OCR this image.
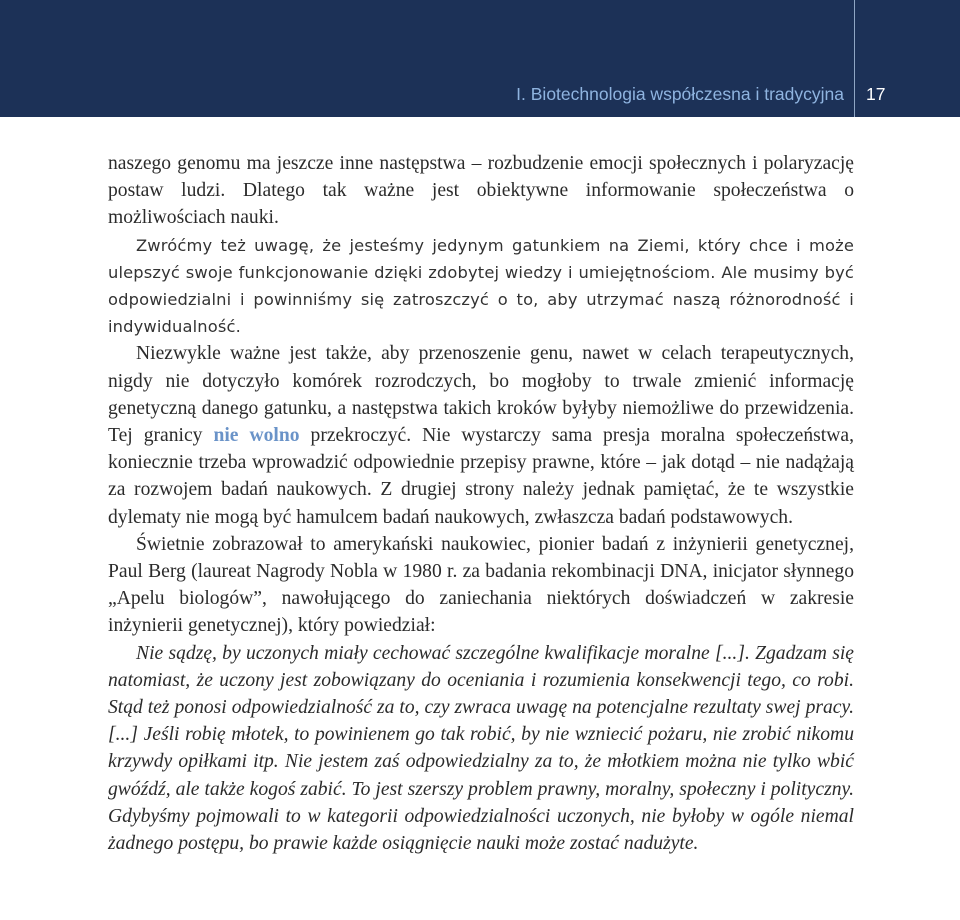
I. Biotechnologia współczesna i tradycyjna 17

naszego genomu ma jeszcze inne następstwa – rozbudzenie emocji społecznych i polaryzację postaw ludzi. Dlatego tak ważne jest obiektywne informowanie społeczeństwa o możliwościach nauki.

Zwróćmy też uwagę, że jesteśmy jedynym gatunkiem na Ziemi, który chce i może ulepszyć swoje funkcjonowanie dzięki zdobytej wiedzy i umiejętnościom. Ale musimy być odpowiedzialni i powinniśmy się zatroszczyć o to, aby utrzymać naszą różnorodność i indywidualność.

Niezwykle ważne jest także, aby przenoszenie genu, nawet w celach terapeutycznych, nigdy nie dotyczyło komórek rozrodczych, bo mogłoby to trwale zmienić informację genetyczną danego gatunku, a następstwa takich kroków byłyby niemożliwe do przewidzenia. Tej granicy nie wolno przekroczyć. Nie wystarczy sama presja moralna społeczeństwa, koniecznie trzeba wprowadzić odpowiednie przepisy prawne, które – jak dotąd – nie nadążają za rozwojem badań naukowych. Z drugiej strony należy jednak pamiętać, że te wszystkie dylematy nie mogą być hamulcem badań naukowych, zwłaszcza badań podstawowych.

Świetnie zobrazował to amerykański naukowiec, pionier badań z inżynierii genetycznej, Paul Berg (laureat Nagrody Nobla w 1980 r. za badania rekombinacji DNA, inicjator słynnego „Apelu biologów”, nawołującego do zaniechania niektórych doświadczeń w zakresie inżynierii genetycznej), który powiedział:

Nie sądzę, by uczonych miały cechować szczególne kwalifikacje moralne [...]. Zgadzam się natomiast, że uczony jest zobowiązany do oceniania i rozumienia konsekwencji tego, co robi. Stąd też ponosi odpowiedzialność za to, czy zwraca uwagę na potencjalne rezultaty swej pracy. [...] Jeśli robię młotek, to powinienem go tak robić, by nie wzniecić pożaru, nie zrobić nikomu krzywdy opiłkami itp. Nie jestem zaś odpowiedzialny za to, że młotkiem można nie tylko wbić gwóźdź, ale także kogoś zabić. To jest szerszy problem prawny, moralny, społeczny i polityczny. Gdybyśmy pojmowali to w kategorii odpowiedzialności uczonych, nie byłoby w ogóle niemal żadnego postępu, bo prawie każde osiągnięcie nauki może zostać nadużyte.
